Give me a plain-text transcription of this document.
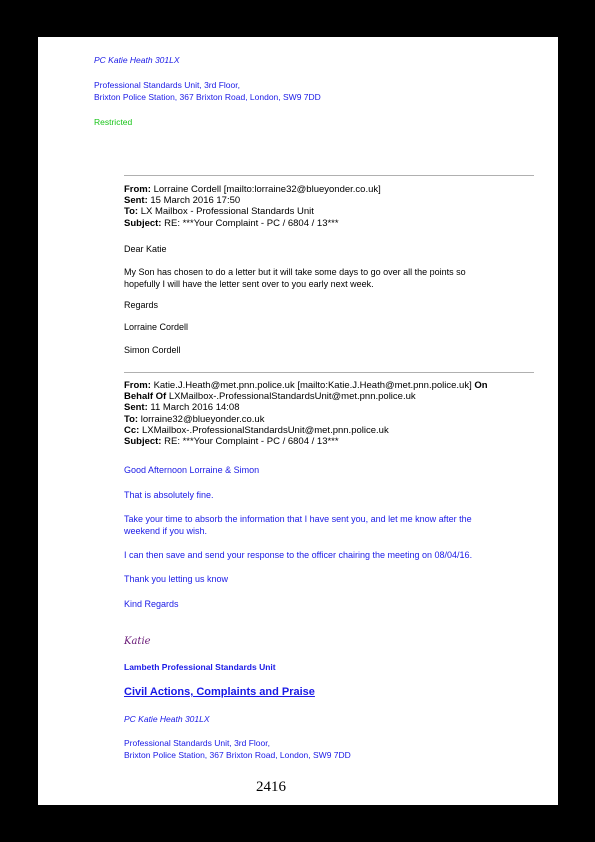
PC Katie Heath 301LX
Professional Standards Unit, 3rd Floor,
Brixton Police Station, 367 Brixton Road, London, SW9 7DD
Restricted
From: Lorraine Cordell [mailto:lorraine32@blueyonder.co.uk]
Sent: 15 March 2016 17:50
To: LX Mailbox - Professional Standards Unit
Subject: RE: ***Your Complaint - PC / 6804 / 13***
Dear Katie
My Son has chosen to do a letter but it will take some days to go over all the points so
hopefully I will have the letter sent over to you early next week.
Regards
Lorraine Cordell
Simon Cordell
From: Katie.J.Heath@met.pnn.police.uk [mailto:Katie.J.Heath@met.pnn.police.uk] On
Behalf Of LXMailbox-.ProfessionalStandardsUnit@met.pnn.police.uk
Sent: 11 March 2016 14:08
To: lorraine32@blueyonder.co.uk
Cc: LXMailbox-.ProfessionalStandardsUnit@met.pnn.police.uk
Subject: RE: ***Your Complaint - PC / 6804 / 13***
Good Afternoon Lorraine & Simon
That is absolutely fine.
Take your time to absorb the information that I have sent you, and let me know after the
weekend if you wish.
I can then save and send your response to the officer chairing the meeting on 08/04/16.
Thank you letting us know
Kind Regards
Katie
Lambeth Professional Standards Unit
Civil Actions, Complaints and Praise
PC Katie Heath 301LX
Professional Standards Unit, 3rd Floor,
Brixton Police Station, 367 Brixton Road, London, SW9 7DD
2416
